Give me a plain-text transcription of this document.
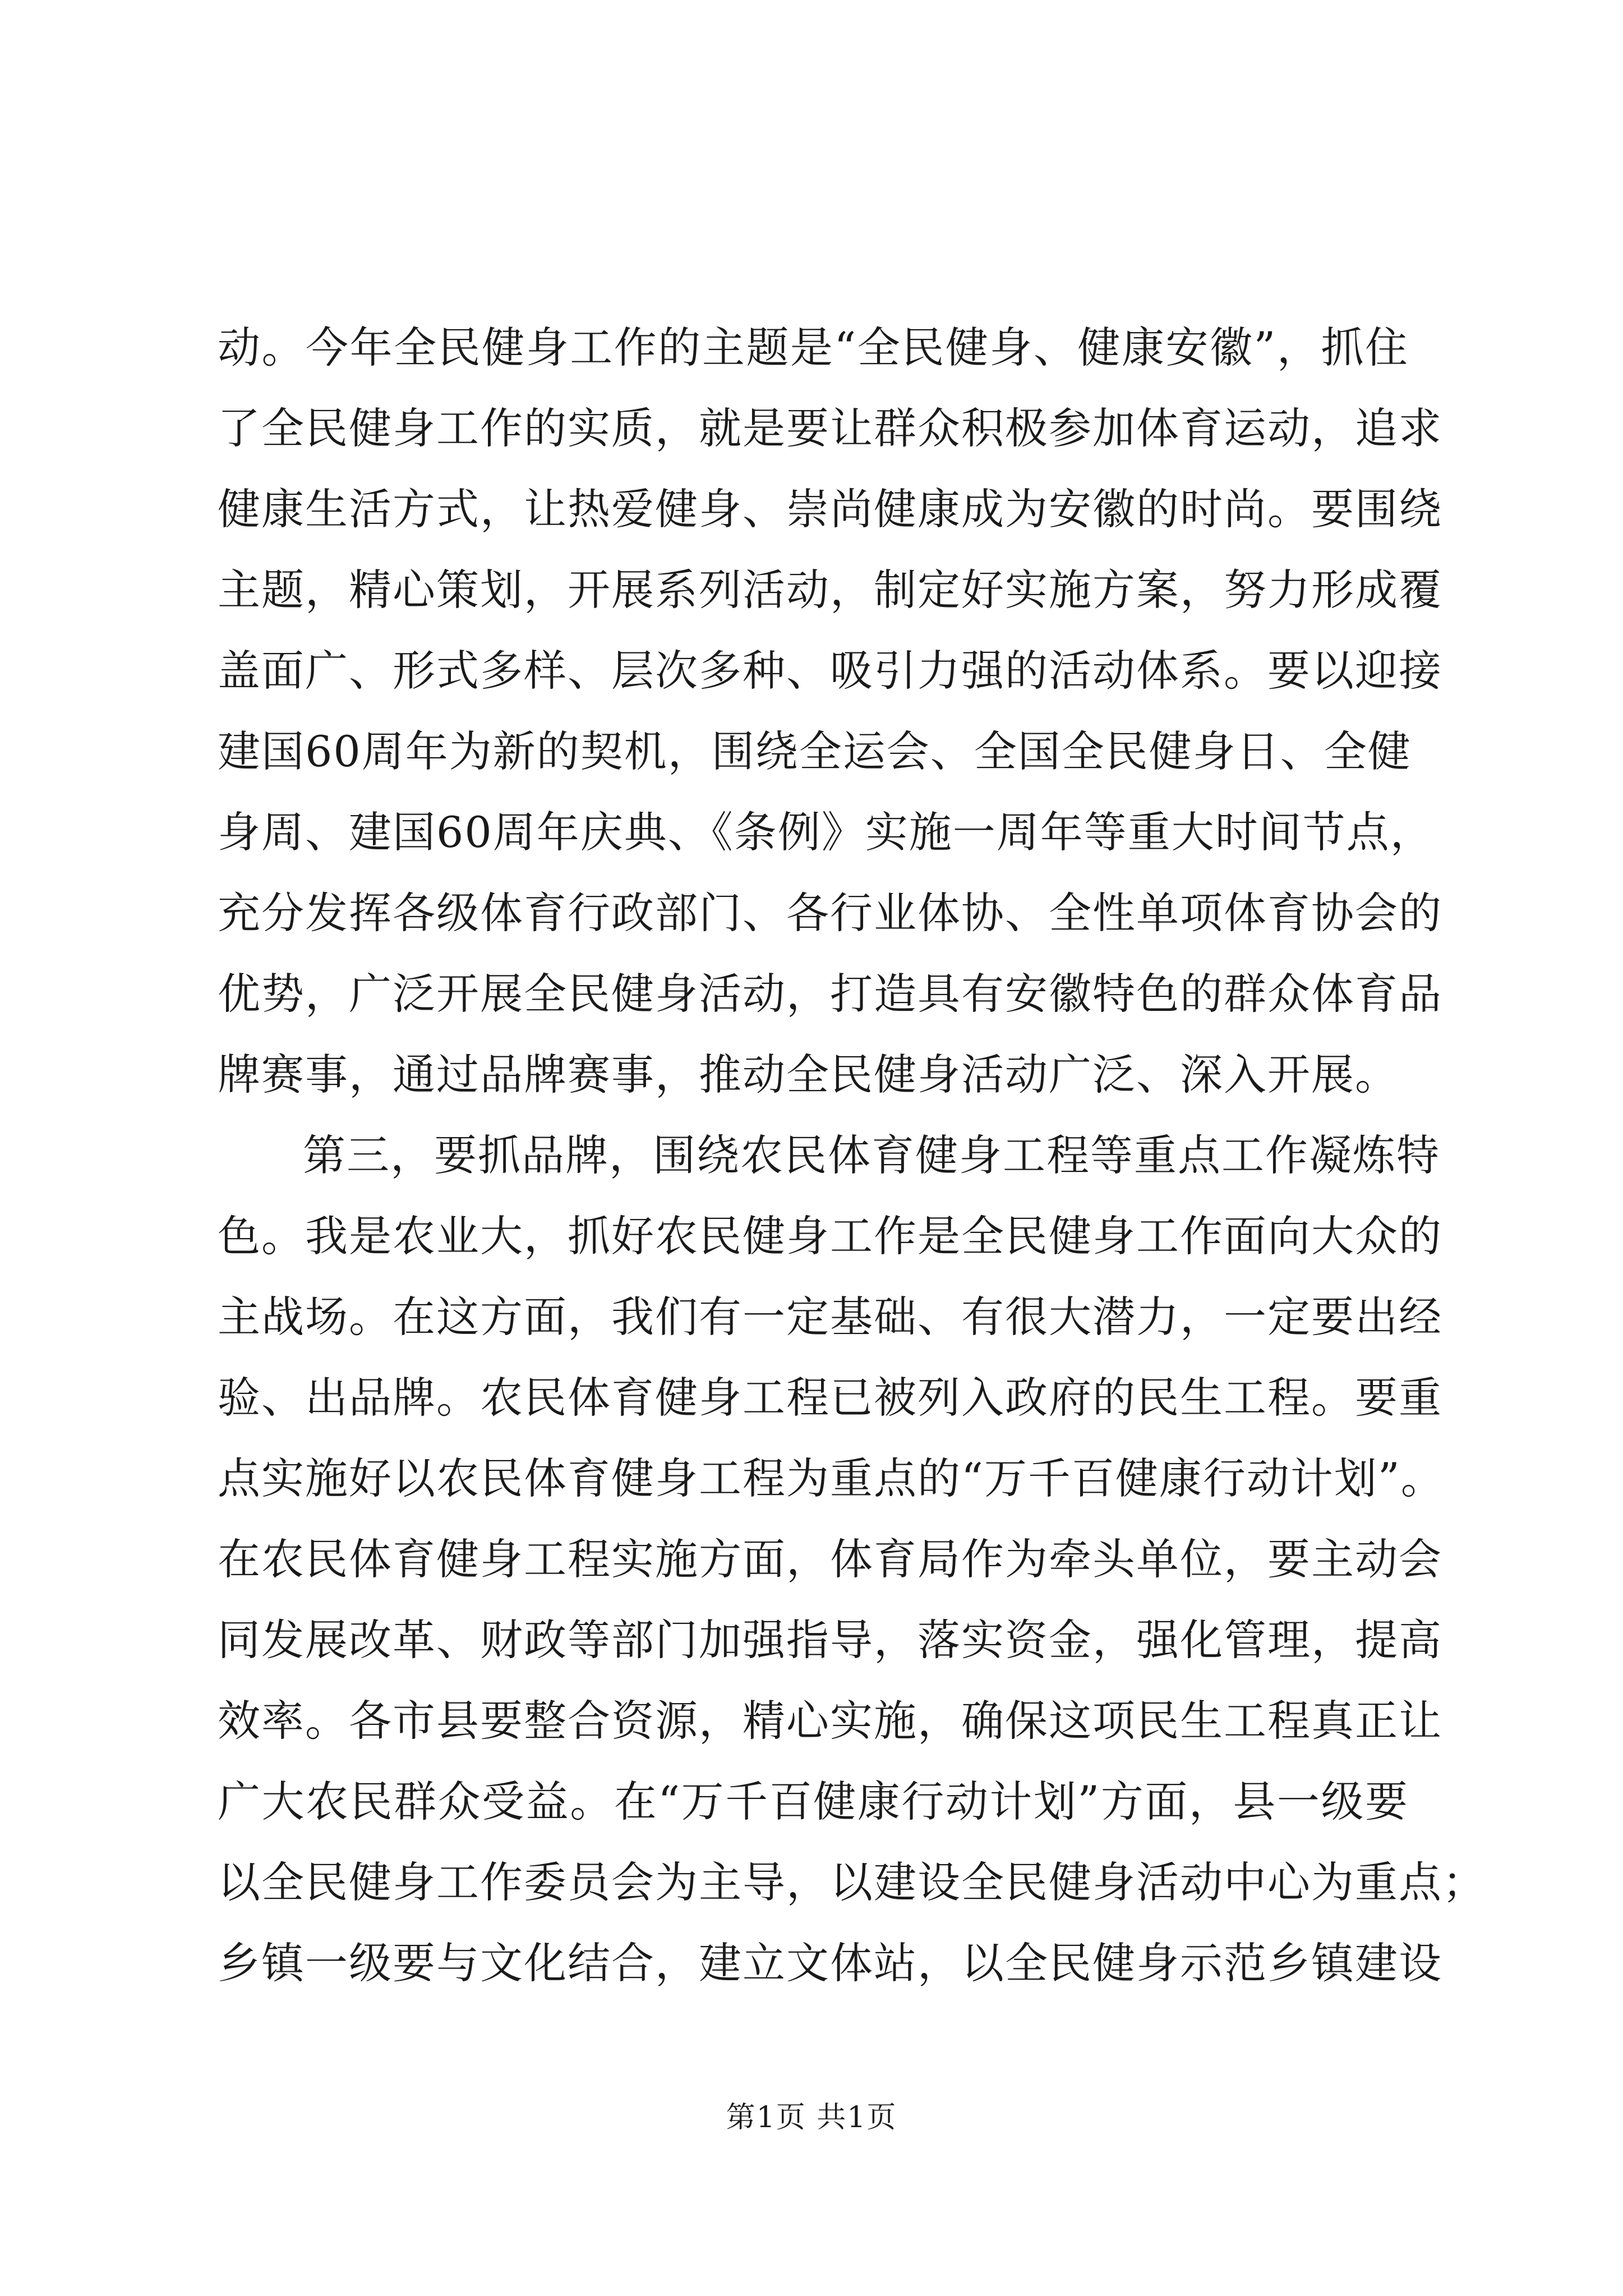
动。今年全民健身工作的主题是“全民健身、健康安徽”，抓住
了全民健身工作的实质，就是要让群众积极参加体育运动，追求
健康生活方式，让热爱健身、崇尚健康成为安徽的时尚。要围绕
主题，精心策划，开展系列活动，制定好实施方案，努力形成覆
盖面广、形式多样、层次多种、吸引力强的活动体系。要以迎接
建国60周年为新的契机，围绕全运会、全国全民健身日、全健
身周、建国60周年庆典、《条例》实施一周年等重大时间节点，
充分发挥各级体育行政部门、各行业体协、全性单项体育协会的
优势，广泛开展全民健身活动，打造具有安徽特色的群众体育品
牌赛事，通过品牌赛事，推动全民健身活动广泛、深入开展。
第三，要抓品牌，围绕农民体育健身工程等重点工作凝炼特
色。我是农业大，抓好农民健身工作是全民健身工作面向大众的
主战场。在这方面，我们有一定基础、有很大潜力，一定要出经
验、出品牌。农民体育健身工程已被列入政府的民生工程。要重
点实施好以农民体育健身工程为重点的“万千百健康行动计划”。
在农民体育健身工程实施方面，体育局作为牵头单位，要主动会
同发展改革、财政等部门加强指导，落实资金，强化管理，提高
效率。各市县要整合资源，精心实施，确保这项民生工程真正让
广大农民群众受益。在“万千百健康行动计划”方面，县一级要
以全民健身工作委员会为主导，以建设全民健身活动中心为重点；
乡镇一级要与文化结合，建立文体站，以全民健身示范乡镇建设
第1页 共1页
